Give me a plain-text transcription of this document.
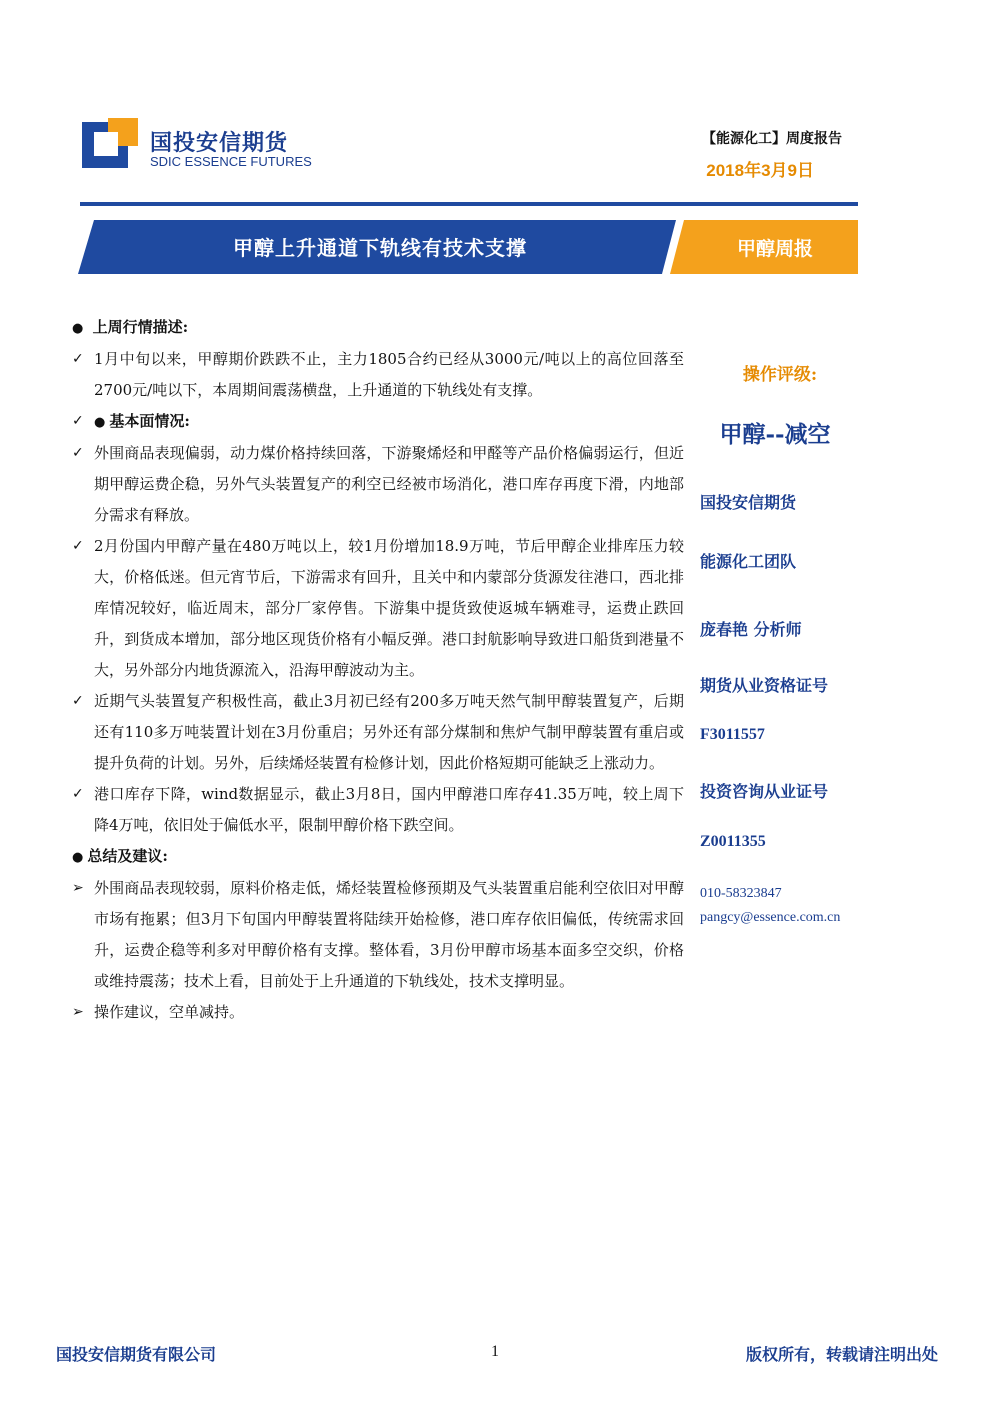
国投安信期货
SDIC ESSENCE FUTURES
【能源化工】周度报告
2018年3月9日
甲醇上升通道下轨线有技术支撑	甲醇周报
● 上周行情描述:
✓ 1月中旬以来，甲醇期价跌跌不止，主力1805合约已经从3000元/吨以上的高位回落至2700元/吨以下，本周期间震荡横盘，上升通道的下轨线处有支撑。
✓ ● 基本面情况:
✓ 外围商品表现偏弱，动力煤价格持续回落，下游聚烯烃和甲醛等产品价格偏弱运行，但近期甲醇运费企稳，另外气头装置复产的利空已经被市场消化，港口库存再度下滑，内地部分需求有释放。
✓ 2月份国内甲醇产量在480万吨以上，较1月份增加18.9万吨，节后甲醇企业排库压力较大，价格低迷。但元宵节后，下游需求有回升，且关中和内蒙部分货源发往港口，西北排库情况较好，临近周末，部分厂家停售。下游集中提货致使返城车辆难寻，运费止跌回升，到货成本增加，部分地区现货价格有小幅反弹。港口封航影响导致进口船货到港量不大，另外部分内地货源流入，沿海甲醇波动为主。
✓ 近期气头装置复产积极性高，截止3月初已经有200多万吨天然气制甲醇装置复产，后期还有110多万吨装置计划在3月份重启；另外还有部分煤制和焦炉气制甲醇装置有重启或提升负荷的计划。另外，后续烯烃装置有检修计划，因此价格短期可能缺乏上涨动力。
✓ 港口库存下降，wind数据显示，截止3月8日，国内甲醇港口库存41.35万吨，较上周下降4万吨，依旧处于偏低水平，限制甲醇价格下跌空间。
● 总结及建议:
➢ 外围商品表现较弱，原料价格走低，烯烃装置检修预期及气头装置重启能利空依旧对甲醇市场有拖累；但3月下旬国内甲醇装置将陆续开始检修，港口库存依旧偏低，传统需求回升，运费企稳等利多对甲醇价格有支撑。整体看，3月份甲醇市场基本面多空交织，价格或维持震荡；技术上看，目前处于上升通道的下轨线处，技术支撑明显。
➢ 操作建议，空单减持。
操作评级:
甲醇--减空
国投安信期货
能源化工团队
庞春艳 分析师
期货从业资格证号
F3011557
投资咨询从业证号
Z0011355
010-58323847
pangcy@essence.com.cn
国投安信期货有限公司	1	版权所有，转载请注明出处
